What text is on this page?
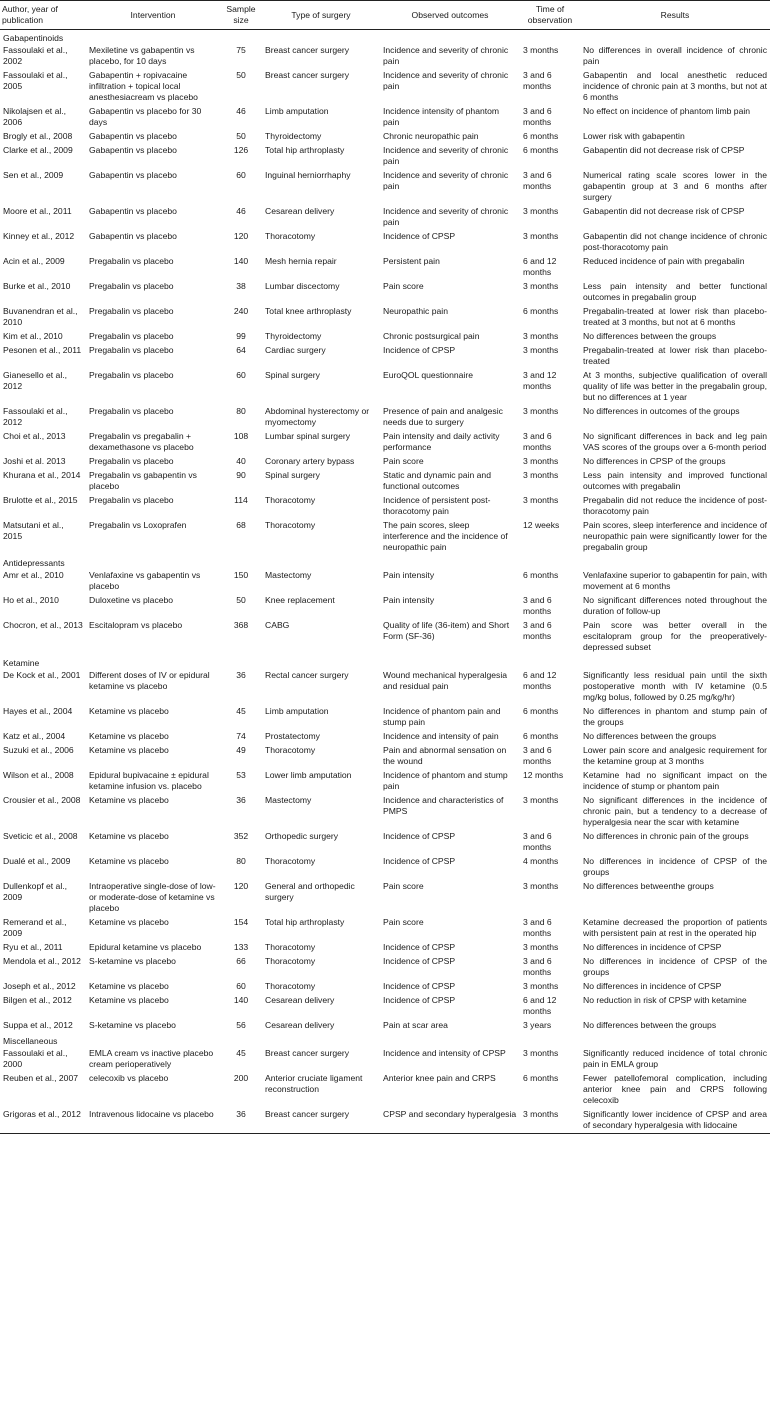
Author, year of publication	Intervention	Sample size	Type of surgery	Observed outcomes	Time of observation	Results
Gabapentinoids						
Fassoulaki et al., 2002	Mexiletine vs gabapentin vs placebo, for 10 days	75	Breast cancer surgery	Incidence and severity of chronic pain	3 months	No differences in overall incidence of chronic pain
Fassoulaki et al., 2005	Gabapentin + ropivacaine infiltration + topical local anesthesiacream vs placebo	50	Breast cancer surgery	Incidence and severity of chronic pain	3 and 6 months	Gabapentin and local anesthetic reduced incidence of chronic pain at 3 months, but not at 6 months
Nikolajsen et al., 2006	Gabapentin vs placebo for 30 days	46	Limb amputation	Incidence intensity of phantom pain	3 and 6 months	No effect on incidence of phantom limb pain
Brogly et al., 2008	Gabapentin vs placebo	50	Thyroidectomy	Chronic neuropathic pain	6 months	Lower risk with gabapentin
Clarke et al., 2009	Gabapentin vs placebo	126	Total hip arthroplasty	Incidence and severity of chronic pain	6 months	Gabapentin did not decrease risk of CPSP
Sen et al., 2009	Gabapentin vs placebo	60	Inguinal herniorrhaphy	Incidence and severity of chronic pain	3 and 6 months	Numerical rating scale scores lower in the gabapentin group at 3 and 6 months after surgery
Moore et al., 2011	Gabapentin vs placebo	46	Cesarean delivery	Incidence and severity of chronic pain	3 months	Gabapentin did not decrease risk of CPSP
Kinney et al., 2012	Gabapentin vs placebo	120	Thoracotomy	Incidence of CPSP	3 months	Gabapentin did not change incidence of chronic post-thoracotomy pain
Acin et al., 2009	Pregabalin vs placebo	140	Mesh hernia repair	Persistent pain	6 and 12 months	Reduced incidence of pain with pregabalin
Burke et al., 2010	Pregabalin vs placebo	38	Lumbar discectomy	Pain score	3 months	Less pain intensity and better functional outcomes in pregabalin group
Buvanendran et al., 2010	Pregabalin vs placebo	240	Total knee arthroplasty	Neuropathic pain	6 months	Pregabalin-treated at lower risk than placebo-treated at 3 months, but not at 6 months
Kim et al., 2010	Pregabalin vs placebo	99	Thyroidectomy	Chronic postsurgical pain	3 months	No differences between the groups
Pesonen et al., 2011	Pregabalin vs placebo	64	Cardiac surgery	Incidence of CPSP	3 months	Pregabalin-treated at lower risk than placebo-treated
Gianesello et al., 2012	Pregabalin vs placebo	60	Spinal surgery	EuroQOL questionnaire	3 and 12 months	At 3 months, subjective qualification of overall quality of life was better in the pregabalin group, but no differences at 1 year
Fassoulaki et al., 2012	Pregabalin vs placebo	80	Abdominal hysterectomy or myomectomy	Presence of pain and analgesic needs due to surgery	3 months	No differences in outcomes of the groups
Choi et al., 2013	Pregabalin vs pregabalin + dexamethasone vs placebo	108	Lumbar spinal surgery	Pain intensity and daily activity performance	3 and 6 months	No significant differences in back and leg pain VAS scores of the groups over a 6-month period
Joshi et al. 2013	Pregabalin vs placebo	40	Coronary artery bypass	Pain score	3 months	No differences in CPSP of the groups
Khurana et al., 2014	Pregabalin vs gabapentin vs placebo	90	Spinal surgery	Static and dynamic pain and functional outcomes	3 months	Less pain intensity and improved functional outcomes with pregabalin
Brulotte et al., 2015	Pregabalin vs placebo	114	Thoracotomy	Incidence of persistent post-thoracotomy pain	3 months	Pregabalin did not reduce the incidence of post-thoracotomy pain
Matsutani et al., 2015	Pregabalin vs Loxoprafen	68	Thoracotomy	The pain scores, sleep interference and the incidence of neuropathic pain	12 weeks	Pain scores, sleep interference and incidence of neuropathic pain were significantly lower for the pregabalin group
Antidepressants						
Amr et al., 2010	Venlafaxine vs gabapentin vs placebo	150	Mastectomy	Pain intensity	6 months	Venlafaxine superior to gabapentin for pain, with movement at 6 months
Ho et al., 2010	Duloxetine vs placebo	50	Knee replacement	Pain intensity	3 and 6 months	No significant differences noted throughout the duration of follow-up
Chocron, et al., 2013	Escitalopram vs placebo	368	CABG	Quality of life (36-item) and Short Form (SF-36)	3 and 6 months	Pain score was better overall in the escitalopram group for the preoperatively-depressed subset
Ketamine						
De Kock et al., 2001	Different doses of IV or epidural ketamine vs placebo	36	Rectal cancer surgery	Wound mechanical hyperalgesia and residual pain	6 and 12 months	Significantly less residual pain until the sixth postoperative month with IV ketamine (0.5 mg/kg bolus, followed by 0.25 mg/kg/hr)
Hayes et al., 2004	Ketamine vs placebo	45	Limb amputation	Incidence of phantom pain and stump pain	6 months	No differences in phantom and stump pain of the groups
Katz et al., 2004	Ketamine vs placebo	74	Prostatectomy	Incidence and intensity of pain	6 months	No differences between the groups
Suzuki et al., 2006	Ketamine vs placebo	49	Thoracotomy	Pain and abnormal sensation on the wound	3 and 6 months	Lower pain score and analgesic requirement for the ketamine group at 3 months
Wilson et al., 2008	Epidural bupivacaine ± epidural ketamine infusion vs. placebo	53	Lower limb amputation	Incidence of phantom and stump pain	12 months	Ketamine had no significant impact on the incidence of stump or phantom pain
Crousier et al., 2008	Ketamine vs placebo	36	Mastectomy	Incidence and characteristics of PMPS	3 months	No significant differences in the incidence of chronic pain, but a tendency to a decrease of hyperalgesia near the scar with ketamine
Sveticic et al., 2008	Ketamine vs placebo	352	Orthopedic surgery	Incidence of CPSP	3 and 6 months	No differences in chronic pain of the groups
Dualé et al., 2009	Ketamine vs placebo	80	Thoracotomy	Incidence of CPSP	4 months	No differences in incidence of CPSP of the groups
Dullenkopf et al., 2009	Intraoperative single-dose of low- or moderate-dose of ketamine vs placebo	120	General and orthopedic surgery	Pain score	3 months	No differences betweenthe groups
Remerand et al., 2009	Ketamine vs placebo	154	Total hip arthroplasty	Pain score	3 and 6 months	Ketamine decreased the proportion of patients with persistent pain at rest in the operated hip
Ryu et al., 2011	Epidural ketamine vs placebo	133	Thoracotomy	Incidence of CPSP	3 months	No differences in incidence of CPSP
Mendola et al., 2012	S-ketamine vs placebo	66	Thoracotomy	Incidence of CPSP	3 and 6 months	No differences in incidence of CPSP of the groups
Joseph et al., 2012	Ketamine vs placebo	60	Thoracotomy	Incidence of CPSP	3 months	No differences in incidence of CPSP
Bilgen et al., 2012	Ketamine vs placebo	140	Cesarean delivery	Incidence of CPSP	6 and 12 months	No reduction in risk of CPSP with ketamine
Suppa et al., 2012	S-ketamine vs placebo	56	Cesarean delivery	Pain at scar area	3 years	No differences between the groups
Miscellaneous						
Fassoulaki et al., 2000	EMLA cream vs inactive placebo cream perioperatively	45	Breast cancer surgery	Incidence and intensity of CPSP	3 months	Significantly reduced incidence of total chronic pain in EMLA group
Reuben et al., 2007	celecoxib vs placebo	200	Anterior cruciate ligament reconstruction	Anterior knee pain and CRPS	6 months	Fewer patellofemoral complication, including anterior knee pain and CRPS following celecoxib
Grigoras et al., 2012	Intravenous lidocaine vs placebo	36	Breast cancer surgery	CPSP and secondary hyperalgesia	3 months	Significantly lower incidence of CPSP and area of secondary hyperalgesia with lidocaine
